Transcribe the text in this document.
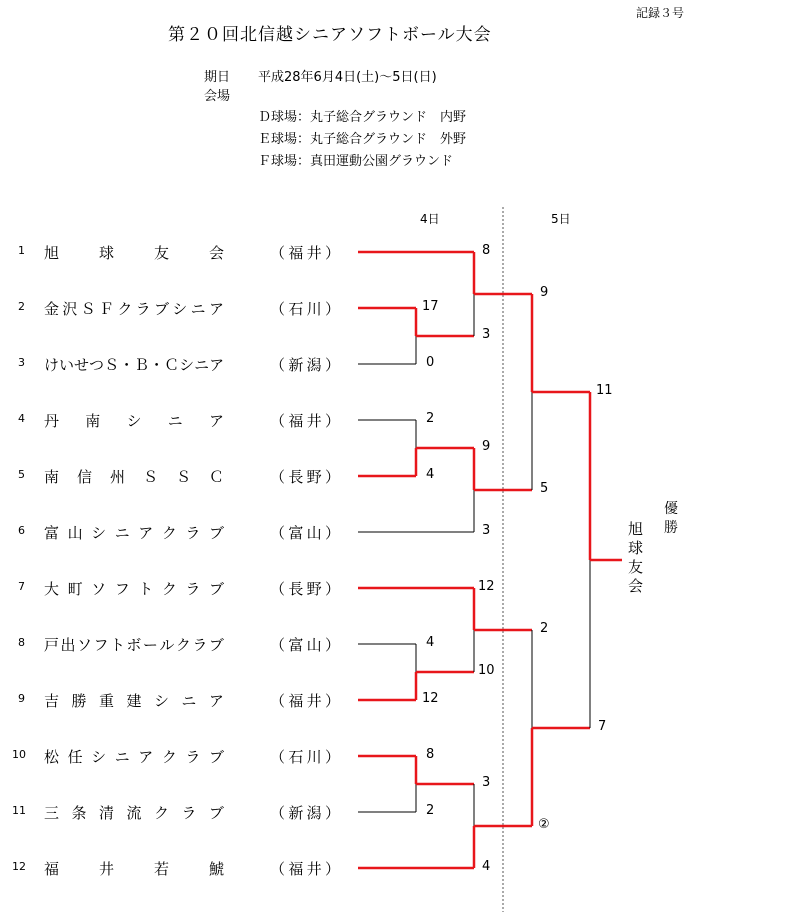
記録３号
第２０回北信越シニアソフトボール大会
期日 平成28年6月4日(土)～5日(日)
会場
Ｄ球場：丸子総合グラウンド　内野
Ｅ球場：丸子総合グラウンド　外野
Ｆ球場：真田運動公園グラウンド
4日	5日
1	旭	球	友	会	（ 福 井 ）
2	金 沢 Ｓ Ｆ ク ラ ブ シ ニ ア	（ 石 川 ）
3	け い せ つ Ｓ ・ Ｂ ・ Ｃ シ ニ ア	（ 新 潟 ）
4	丹 南 シ ニ ア	（ 福 井 ）
5	南 信 州 Ｓ Ｓ Ｃ	（ 長 野 ）
6	富 山 シ ニ ア ク ラ ブ	（ 富 山 ）
7	大 町 ソ フ ト ク ラ ブ	（ 長 野 ）
8	戸 出 ソ フ ト ボ ー ル ク ラ ブ	（ 富 山 ）
9	吉 勝 重 建 シ ニ ア	（ 福 井 ）
10	松 任 シ ニ ア ク ラ ブ	（ 石 川 ）
11	三 条 清 流 ク ラ ブ	（ 新 潟 ）
12	福	井	若	鯱	（ 福 井 ）
17
0
2
4
4
12
8
2
8
3
9
3
12
10
3
4
9
5
2
②
11
7
優勝
旭球友会
